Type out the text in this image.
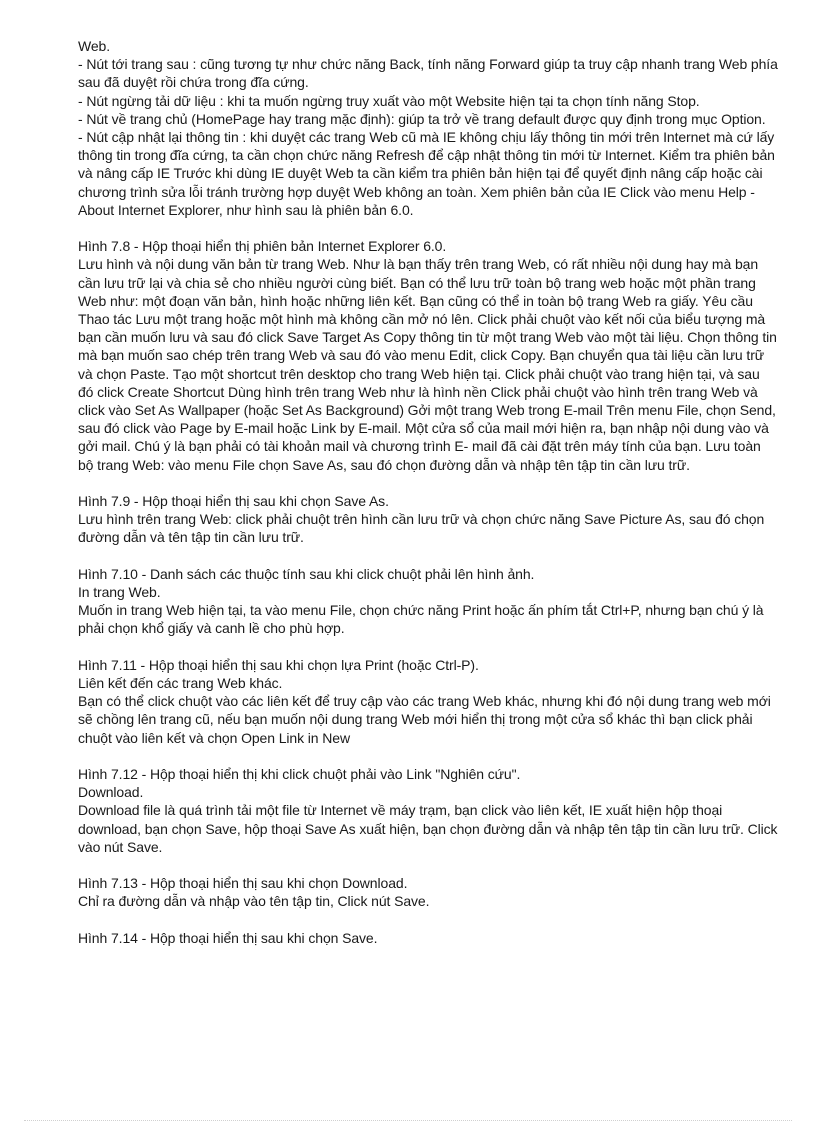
Web.
- Nút tới trang sau : cũng tương tự như chức năng Back, tính năng Forward giúp ta truy cập nhanh trang Web phía sau đã duyệt rồi chứa trong đĩa cứng.
- Nút ngừng tải dữ liệu : khi ta muốn ngừng truy xuất vào một Website hiện tại ta chọn tính năng Stop.
- Nút về trang chủ (HomePage hay trang mặc định): giúp ta trở về trang default được quy định trong mục Option.
- Nút cập nhật lại thông tin : khi duyệt các trang Web cũ mà IE không chịu lấy thông tin mới trên Internet mà cứ lấy thông tin trong đĩa cứng, ta cần chọn chức năng Refresh để cập nhật thông tin mới từ Internet. Kiểm tra phiên bản và nâng cấp IE Trước khi dùng IE duyệt Web ta cần kiểm tra phiên bản hiện tại để quyết định nâng cấp hoặc cài chương trình sửa lỗi tránh trường hợp duyệt Web không an toàn. Xem phiên bản của IE Click vào menu Help - About Internet Explorer, như hình sau là phiên bản 6.0.

Hình 7.8 - Hộp thoại hiển thị phiên bản Internet Explorer 6.0.
Lưu hình và nội dung văn bản từ trang Web. Như là bạn thấy trên trang Web, có rất nhiều nội dung hay mà bạn cần lưu trữ lại và chia sẻ cho nhiều người cùng biết. Bạn có thể lưu trữ toàn bộ trang web hoặc một phần trang Web như: một đoạn văn bản, hình hoặc những liên kết. Bạn cũng có thể in toàn bộ trang Web ra giấy. Yêu cầu Thao tác Lưu một trang hoặc một hình mà không cần mở nó lên. Click phải chuột vào kết nối của biểu tượng mà bạn cần muốn lưu và sau đó click Save Target As Copy thông tin từ một trang Web vào một tài liệu. Chọn thông tin mà bạn muốn sao chép trên trang Web và sau đó vào menu Edit, click Copy. Bạn chuyển qua tài liệu cần lưu trữ và chọn Paste. Tạo một shortcut trên desktop cho trang Web hiện tại. Click phải chuột vào trang hiện tại, và sau đó click Create Shortcut Dùng hình trên trang Web như là hình nền Click phải chuột vào hình trên trang Web và click vào Set As Wallpaper (hoặc Set As Background) Gởi một trang Web trong E-mail Trên menu File, chọn Send, sau đó click vào Page by E-mail hoặc Link by E-mail. Một cửa sổ của mail mới hiện ra, bạn nhập nội dung vào và gởi mail. Chú ý là bạn phải có tài khoản mail và chương trình E- mail đã cài đặt trên máy tính của bạn. Lưu toàn bộ trang Web: vào menu File chọn Save As, sau đó chọn đường dẫn và nhập tên tập tin cần lưu trữ.

Hình 7.9 - Hộp thoại hiển thị sau khi chọn Save As.
Lưu hình trên trang Web: click phải chuột trên hình cần lưu trữ và chọn chức năng Save Picture As, sau đó chọn đường dẫn và tên tập tin cần lưu trữ.

Hình 7.10 - Danh sách các thuộc tính sau khi click chuột phải lên hình ảnh.
In trang Web.
Muốn in trang Web hiện tại, ta vào menu File, chọn chức năng Print hoặc ấn phím tắt Ctrl+P, nhưng bạn chú ý là phải chọn khổ giấy và canh lề cho phù hợp.

Hình 7.11 - Hộp thoại hiển thị sau khi chọn lựa Print (hoặc Ctrl-P).
Liên kết đến các trang Web khác.
Bạn có thể click chuột vào các liên kết để truy cập vào các trang Web khác, nhưng khi đó nội dung trang web mới sẽ chồng lên trang cũ, nếu bạn muốn nội dung trang Web mới hiển thị trong một cửa sổ khác thì bạn click phải chuột vào liên kết và chọn Open Link in New

Hình 7.12 - Hộp thoại hiển thị khi click chuột phải vào Link "Nghiên cứu".
Download.
Download file là quá trình tải một file từ Internet về máy trạm, bạn click vào liên kết, IE xuất hiện hộp thoại download, bạn chọn Save, hộp thoại Save As xuất hiện, bạn chọn đường dẫn và nhập tên tập tin cần lưu trữ. Click vào nút Save.

Hình 7.13 - Hộp thoại hiển thị sau khi chọn Download.
Chỉ ra đường dẫn và nhập vào tên tập tin, Click nút Save.

Hình 7.14 - Hộp thoại hiển thị sau khi chọn Save.
